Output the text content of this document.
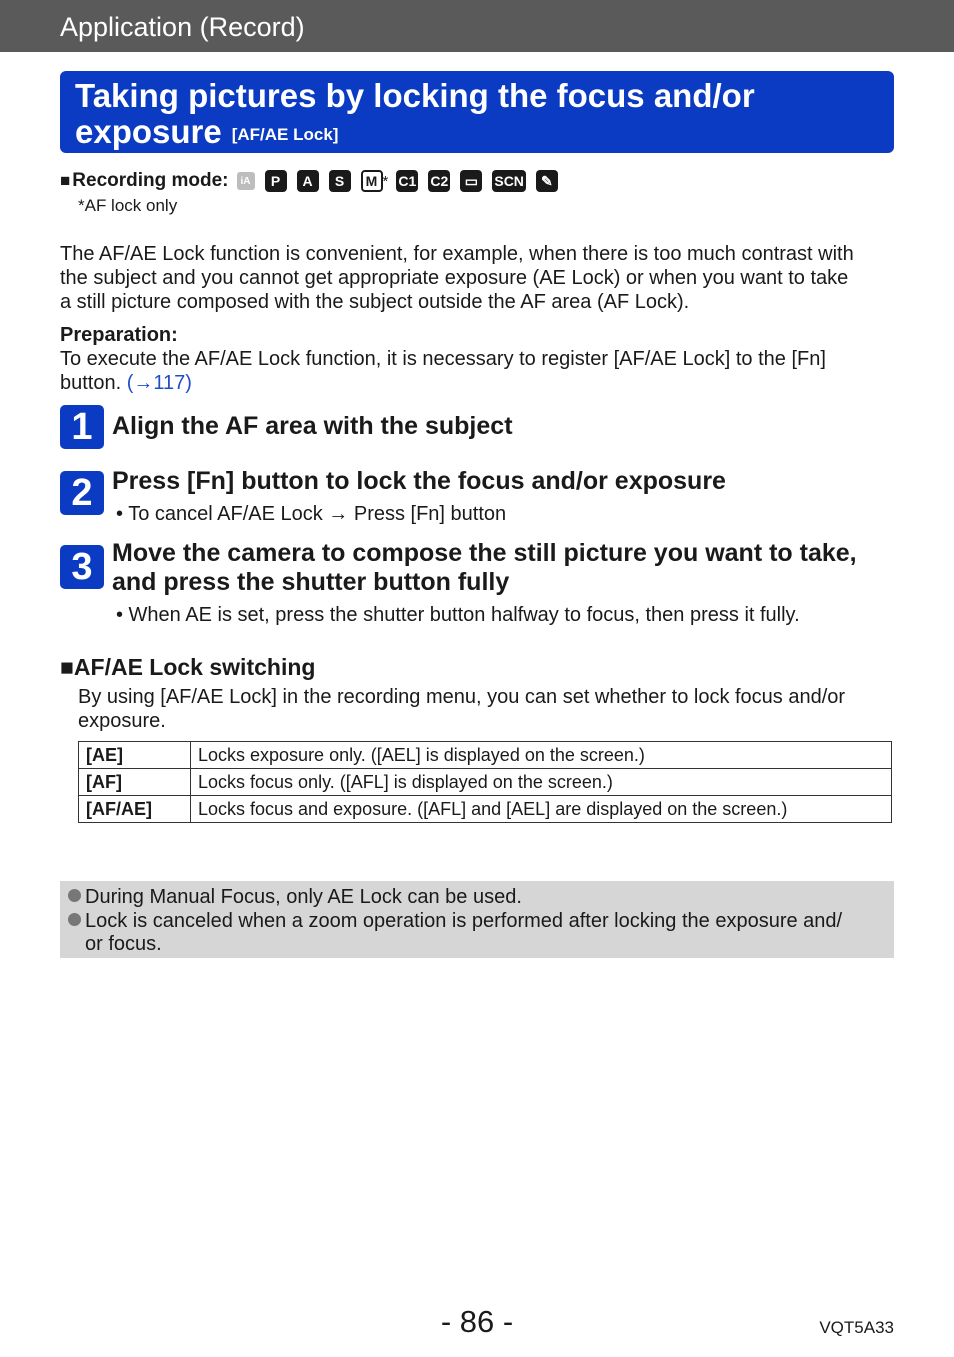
Application (Record)
Taking pictures by locking the focus and/or
exposure [AF/AE Lock]
■ Recording mode:	iA	P	A	S	M * C1 C2	▭	SCN	✎
*AF lock only
The AF/AE Lock function is convenient, for example, when there is too much contrast with
the subject and you cannot get appropriate exposure (AE Lock) or when you want to take
a still picture composed with the subject outside the AF area (AF Lock).
Preparation:
To execute the AF/AE Lock function, it is necessary to register [AF/AE Lock] to the [Fn]
button. (→117)
1 Align the AF area with the subject
2 Press [Fn] button to lock the focus and/or exposure
• To cancel AF/AE Lock → Press [Fn] button
3 Move the camera to compose the still picture you want to take,
and press the shutter button fully
• When AE is set, press the shutter button halfway to focus, then press it fully.
■AF/AE Lock switching
By using [AF/AE Lock] in the recording menu, you can set whether to lock focus and/or
exposure.
[AE]	Locks exposure only. ([AEL] is displayed on the screen.)
[AF]	Locks focus only. ([AFL] is displayed on the screen.)
[AF/AE]	Locks focus and exposure. ([AFL] and [AEL] are displayed on the screen.)
During Manual Focus, only AE Lock can be used.
Lock is canceled when a zoom operation is performed after locking the exposure and/
or focus.
- 86 -	VQT5A33
